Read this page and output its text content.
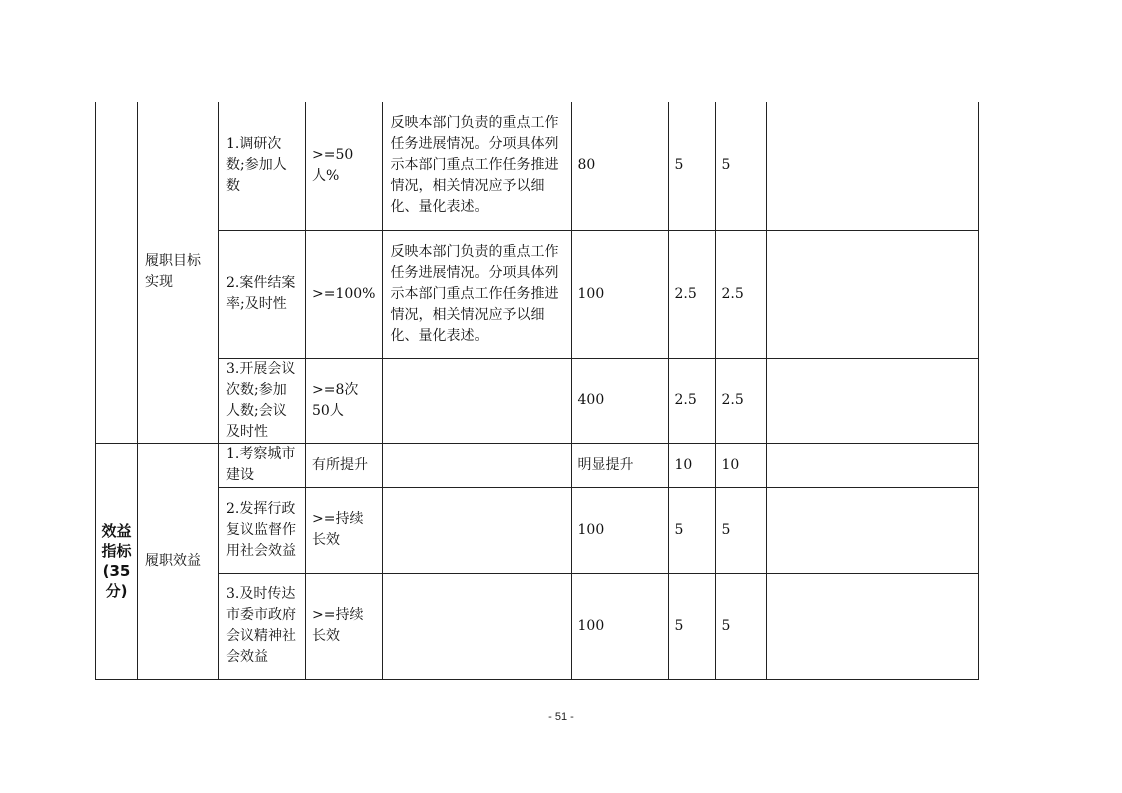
	履职目标实现	1.调研次数;参加人数	>=50人%	反映本部门负责的重点工作任务进展情况。分项具体列示本部门重点工作任务推进情况，相关情况应予以细化、量化表述。	80	5	5	
		2.案件结案率;及时性	>=100%	反映本部门负责的重点工作任务进展情况。分项具体列示本部门重点工作任务推进情况，相关情况应予以细化、量化表述。	100	2.5	2.5	
		3.开展会议次数;参加人数;会议及时性	>=8次50人		400	2.5	2.5	
效益指标(35分)	履职效益	1.考察城市建设	有所提升		明显提升	10	10	
		2.发挥行政复议监督作用社会效益	>=持续长效		100	5	5	
		3.及时传达市委市政府会议精神社会效益	>=持续长效		100	5	5	
- 51 -
